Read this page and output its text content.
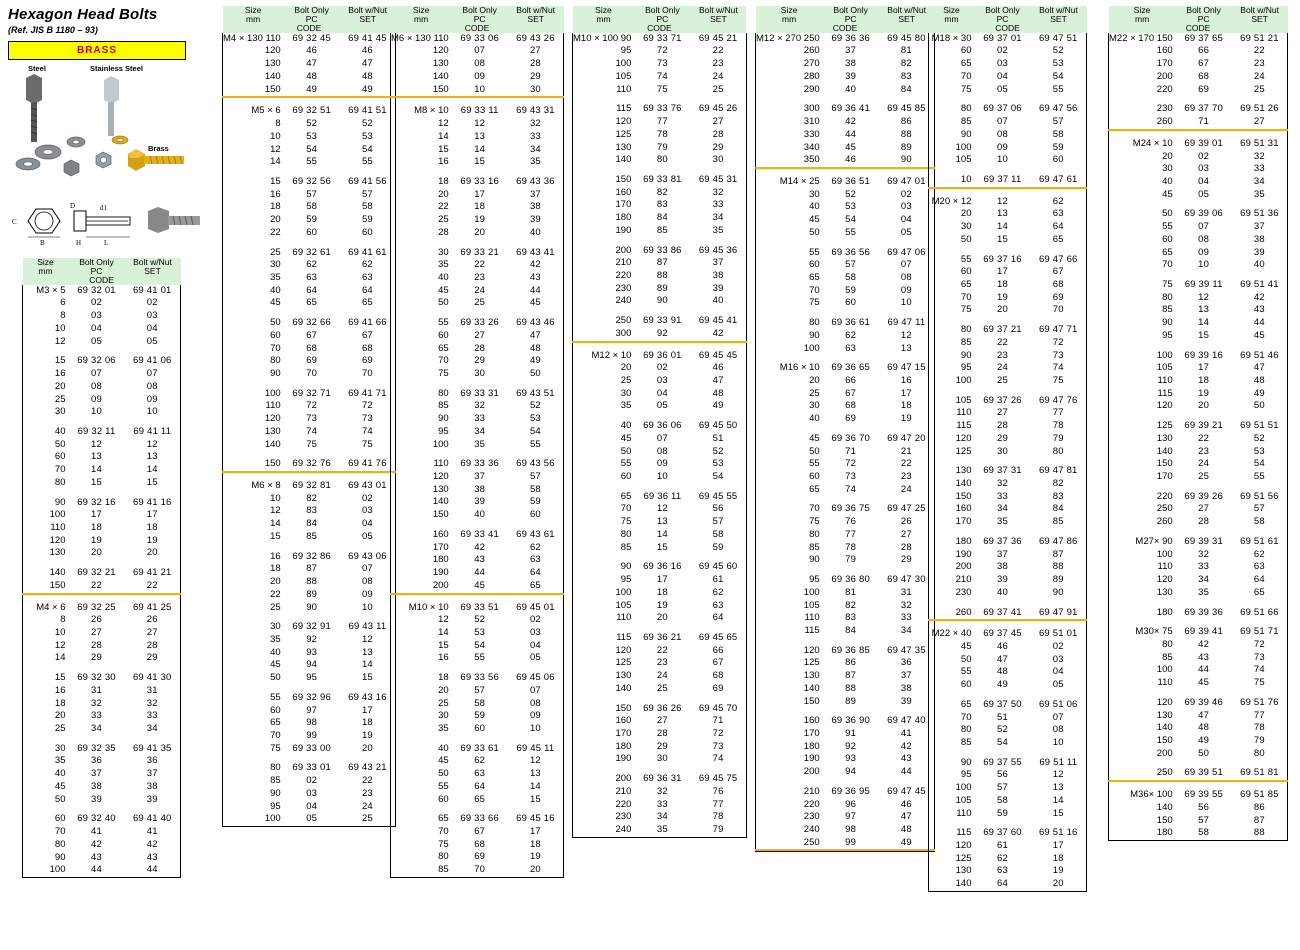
Hexagon Head Bolts
(Ref. JIS B 1180 – 93)
BRASS
Steel	Stainless Steel
Brass
C
B
D	d1
H	L
Size
mm	Bolt Only	Bolt w/Nut
	PC	SET
CODE		
M3 × 5	69 32 01	69 41 01
6	02	02
8	03	03
10	04	04
12	05	05

15	69 32 06	69 41 06
16	07	07
20	08	08
25	09	09
30	10	10

40	69 32 11	69 41 11
50	12	12
60	13	13
70	14	14
80	15	15

90	69 32 16	69 41 16
100	17	17
110	18	18
120	19	19
130	20	20

140	69 32 21	69 41 21
150	22	22

M4 × 6	69 32 25	69 41 25
8	26	26
10	27	27
12	28	28
14	29	29

15	69 32 30	69 41 30
16	31	31
18	32	32
20	33	33
25	34	34

30	69 32 35	69 41 35
35	36	36
40	37	37
45	38	38
50	39	39

60	69 32 40	69 41 40
70	41	41
80	42	42
90	43	43
100	44	44
Size
mm	Bolt Only	Bolt w/Nut
	PC	SET
CODE		
M4 × 130 110	69 32 45	69 41 45
120	46	46
130	47	47
140	48	48
150	49	49

M5 × 6	69 32 51	69 41 51
8	52	52
10	53	53
12	54	54
14	55	55

15	69 32 56	69 41 56
16	57	57
18	58	58
20	59	59
22	60	60

25	69 32 61	69 41 61
30	62	62
35	63	63
40	64	64
45	65	65

50	69 32 66	69 41 66
60	67	67
70	68	68
80	69	69
90	70	70

100	69 32 71	69 41 71
110	72	72
120	73	73
130	74	74
140	75	75

150	69 32 76	69 41 76

M6 × 8	69 32 81	69 43 01
10	82	02
12	83	03
14	84	04
15	85	05

16	69 32 86	69 43 06
18	87	07
20	88	08
22	89	09
25	90	10

30	69 32 91	69 43 11
35	92	12
40	93	13
45	94	14
50	95	15

55	69 32 96	69 43 16
60	97	17
65	98	18
70	99	19
75	69 33 00	20

80	69 33 01	69 43 21
85	02	22
90	03	23
95	04	24
100	05	25
Size
mm	Bolt Only	Bolt w/Nut
	PC	SET
CODE		
M6 × 130 110	69 33 06	69 43 26
120	07	27
130	08	28
140	09	29
150	10	30

M8 × 10	69 33 11	69 43 31
12	12	32
14	13	33
15	14	34
16	15	35

18	69 33 16	69 43 36
20	17	37
22	18	38
25	19	39
28	20	40

30	69 33 21	69 43 41
35	22	42
40	23	43
45	24	44
50	25	45

55	69 33 26	69 43 46
60	27	47
65	28	48
70	29	49
75	30	50

80	69 33 31	69 43 51
85	32	52
90	33	53
95	34	54
100	35	55

110	69 33 36	69 43 56
120	37	57
130	38	58
140	39	59
150	40	60

160	69 33 41	69 43 61
170	42	62
180	43	63
190	44	64
200	45	65

M10 × 10	69 33 51	69 45 01
12	52	02
14	53	03
15	54	04
16	55	05

18	69 33 56	69 45 06
20	57	07
25	58	08
30	59	09
35	60	10

40	69 33 61	69 45 11
45	62	12
50	63	13
55	64	14
60	65	15

65	69 33 66	69 45 16
70	67	17
75	68	18
80	69	19
85	70	20
Size
mm	Bolt Only	Bolt w/Nut
	PC	SET
CODE		
M10 × 100 90	69 33 71	69 45 21
95	72	22
100	73	23
105	74	24
110	75	25

115	69 33 76	69 45 26
120	77	27
125	78	28
130	79	29
140	80	30

150	69 33 81	69 45 31
160	82	32
170	83	33
180	84	34
190	85	35

200	69 33 86	69 45 36
210	87	37
220	88	38
230	89	39
240	90	40

250	69 33 91	69 45 41
300	92	42

M12 × 10	69 36 01	69 45 45
20	02	46
25	03	47
30	04	48
35	05	49

40	69 36 06	69 45 50
45	07	51
50	08	52
55	09	53
60	10	54

65	69 36 11	69 45 55
70	12	56
75	13	57
80	14	58
85	15	59

90	69 36 16	69 45 60
95	17	61
100	18	62
105	19	63
110	20	64

115	69 36 21	69 45 65
120	22	66
125	23	67
130	24	68
140	25	69

150	69 36 26	69 45 70
160	27	71
170	28	72
180	29	73
190	30	74

200	69 36 31	69 45 75
210	32	76
220	33	77
230	34	78
240	35	79
Size
mm	Bolt Only	Bolt w/Nut
	PC	SET
CODE		
M12 × 270 250	69 36 36	69 45 80
260	37	81
270	38	82
280	39	83
290	40	84

300	69 36 41	69 45 85
310	42	86
330	44	88
340	45	89
350	46	90

M14 × 25	69 36 51	69 47 01
30	52	02
40	53	03
45	54	04
50	55	05

55	69 36 56	69 47 06
60	57	07
65	58	08
70	59	09
75	60	10

80	69 36 61	69 47 11
90	62	12
100	63	13

M16 × 10	69 36 65	69 47 15
20	66	16
25	67	17
30	68	18
40	69	19

45	69 36 70	69 47 20
50	71	21
55	72	22
60	73	23
65	74	24

70	69 36 75	69 47 25
75	76	26
80	77	27
85	78	28
90	79	29

95	69 36 80	69 47 30
100	81	31
105	82	32
110	83	33
115	84	34

120	69 36 85	69 47 35
125	86	36
130	87	37
140	88	38
150	89	39

160	69 36 90	69 47 40
170	91	41
180	92	42
190	93	43
200	94	44

210	69 36 95	69 47 45
220	96	46
230	97	47
240	98	48
250	99	49

Size
mm	Bolt Only	Bolt w/Nut
	PC	SET
CODE		
M18 × 30	69 37 01	69 47 51
60	02	52
65	03	53
70	04	54
75	05	55

80	69 37 06	69 47 56
85	07	57
90	08	58
100	09	59
105	10	60

10	69 37 11	69 47 61

M20 × 12	12	62
20	13	63
30	14	64
50	15	65

55	69 37 16	69 47 66
60	17	67
65	18	68
70	19	69
75	20	70

80	69 37 21	69 47 71
85	22	72
90	23	73
95	24	74
100	25	75

105	69 37 26	69 47 76
110	27	77
115	28	78
120	29	79
125	30	80

130	69 37 31	69 47 81
140	32	82
150	33	83
160	34	84
170	35	85

180	69 37 36	69 47 86
190	37	87
200	38	88
210	39	89
230	40	90

260	69 37 41	69 47 91

M22 × 40	69 37 45	69 51 01
45	46	02
50	47	03
55	48	04
60	49	05

65	69 37 50	69 51 06
70	51	07
80	52	08
85	54	10

90	69 37 55	69 51 11
95	56	12
100	57	13
105	58	14
110	59	15

115	69 37 60	69 51 16
120	61	17
125	62	18
130	63	19
140	64	20
Size
mm	Bolt Only	Bolt w/Nut
	PC	SET
CODE		
M22 × 170 150	69 37 65	69 51 21
160	66	22
170	67	23
200	68	24
220	69	25

230	69 37 70	69 51 26
260	71	27

M24 × 10	69 39 01	69 51 31
20	02	32
30	03	33
40	04	34
45	05	35

50	69 39 06	69 51 36
55	07	37
60	08	38
65	09	39
70	10	40

75	69 39 11	69 51 41
80	12	42
85	13	43
90	14	44
95	15	45

100	69 39 16	69 51 46
105	17	47
110	18	48
115	19	49
120	20	50

125	69 39 21	69 51 51
130	22	52
140	23	53
150	24	54
170	25	55

220	69 39 26	69 51 56
250	27	57
260	28	58

M27× 90	69 39 31	69 51 61
100	32	62
110	33	63
120	34	64
130	35	65

180	69 39 36	69 51 66

M30× 75	69 39 41	69 51 71
80	42	72
85	43	73
100	44	74
110	45	75

120	69 39 46	69 51 76
130	47	77
140	48	78
150	49	79
200	50	80

250	69 39 51	69 51 81

M36× 100	69 39 55	69 51 85
140	56	86
150	57	87
180	58	88
